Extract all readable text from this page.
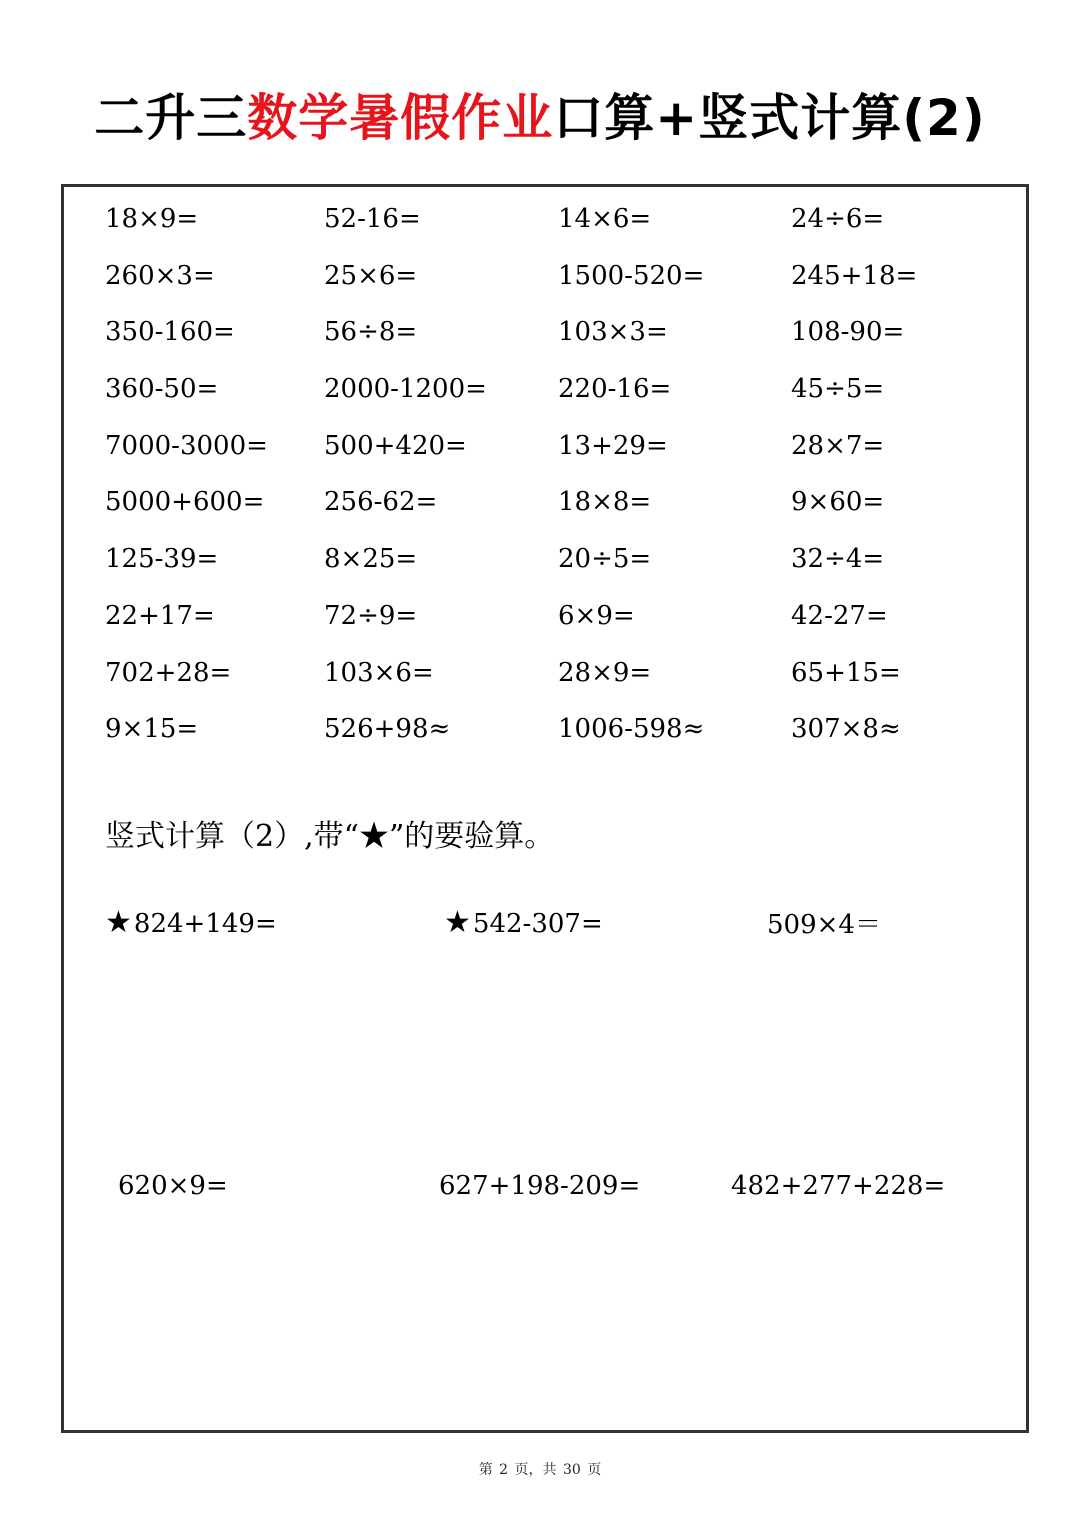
二升三数学暑假作业口算+竖式计算(2)
18×9=	52-16=	14×6=	24÷6=
260×3=	25×6=	1500-520=	245+18=
350-160=	56÷8=	103×3=	108-90=
360-50=	2000-1200=	220-16=	45÷5=
7000-3000= 500+420=	13+29=	28×7=
5000+600= 256-62=	18×8=	9×60=
125-39=	8×25=	20÷5=	32÷4=
22+17=	72÷9=	6×9=	42-27=
702+28=	103×6=	28×9=	65+15=
9×15=	526+98≈	1006-598≈	307×8≈
竖式计算（2）,带“★”的要验算。
★824+149=	★542-307=	509×4＝
620×9=	627+198-209=	482+277+228=
第 2 页，共 30 页
